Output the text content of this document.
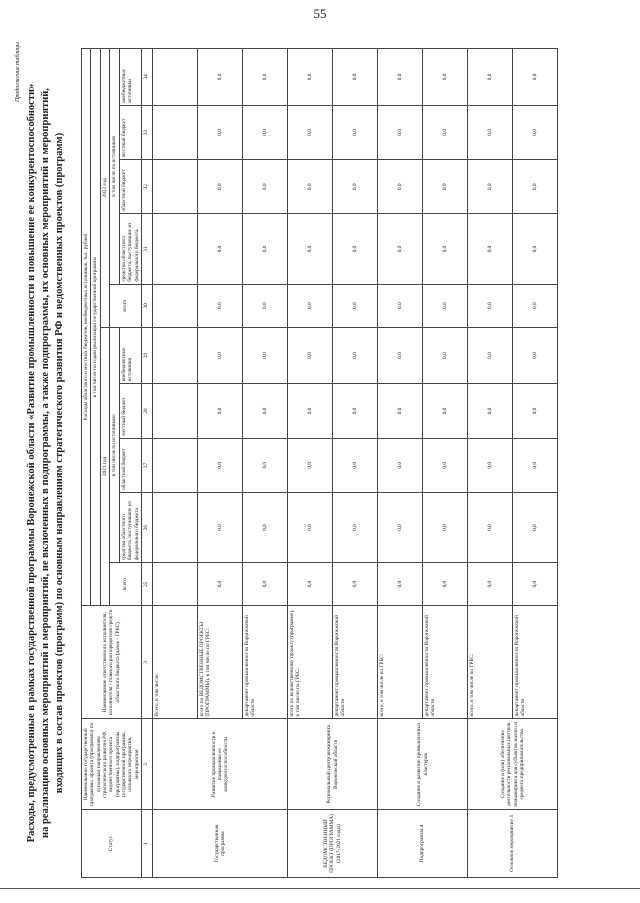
55
Продолжение таблицы
Расходы, предусмотренные в рамках государственной программы Воронежской области «Развитие промышленности и повышение ее конкурентоспособности» на реализацию основных мероприятий и мероприятий, не включенных в подпрограммы, а также подпрограммы, их основных мероприятий и мероприятий, входящих в состав проектов (программ) по основным направлениям стратегического развития РФ и ведомственных проектов (программ)
Статус	Наименование государственной программы, проекта (программы) по основным направлениям стратегического развития РФ, ведомственного проекта (программы), подпрограммы государственной программы, основного мероприятия, мероприятия	Наименование ответственного исполнителя, исполнителя - главного распорядителя средств областного бюджета (далее - ГРБС)	Расходы областного и местных бюджетов, внебюджетных источников, тыс. рублей									
			в том числе по годам реализации государственной программы									
			2021 год					2022 год				
			всего	в том числе по источникам:				всего	в том числе по источникам			
				средства областного бюджета, поступившие из федерального бюджета	областной бюджет	местный бюджет	внебюджетные источники		средства областного бюджета, поступившие из федерального бюджета	областной бюджет	местный бюджет	внебюджетные источники
1	2	3	25	26	27	28	29	30	31	32	33	34
Государственная программа	Развитие промышленности и повышение ее конкурентоспособности	Всего, в том числе:										
		всего по ВЕДОМСТВЕННЫЕ ПРОЕКТЫ (ПРОГРАММЫ), в том числе по ГРБС:	0,0	0,0	0,0	0,0	0,0	0,0	0,0	0,0	0,0	0,0
		департамент промышленности Воронежской области	0,0	0,0	0,0	0,0	0,0	0,0	0,0	0,0	0,0	0,0
ВЕДОМСТВЕННЫЙ ПРОЕКТ (ПРОГРАММА) (2017-2021 годы)	Региональный центр инжиниринга Воронежской области	всего по ведомственному проекту (программе), в том числе по ГРБС:	0,0	0,0	0,0	0,0	0,0	0,0	0,0	0,0	0,0	0,0
		департамент промышленности Воронежской области	0,0	0,0	0,0	0,0	0,0	0,0	0,0	0,0	0,0	0,0
Подпрограмма 4	Создание и развитие промышленных кластеров	всего, в том числе по ГРБС:	0,0	0,0	0,0	0,0	0,0	0,0	0,0	0,0	0,0	0,0
		департамент промышленности Воронежской области	0,0	0,0	0,0	0,0	0,0	0,0	0,0	0,0	0,0	0,0
Основное мероприятие 3	Создание и (или) обеспечение деятельности региональных центров инжиниринга для субъектов малого и среднего предпринимательства	всего, в том числе по ГРБС:	0,0	0,0	0,0	0,0	0,0	0,0	0,0	0,0	0,0	0,0
		департамент промышленности Воронежской области	0,0	0,0	0,0	0,0	0,0	0,0	0,0	0,0	0,0	0,0
